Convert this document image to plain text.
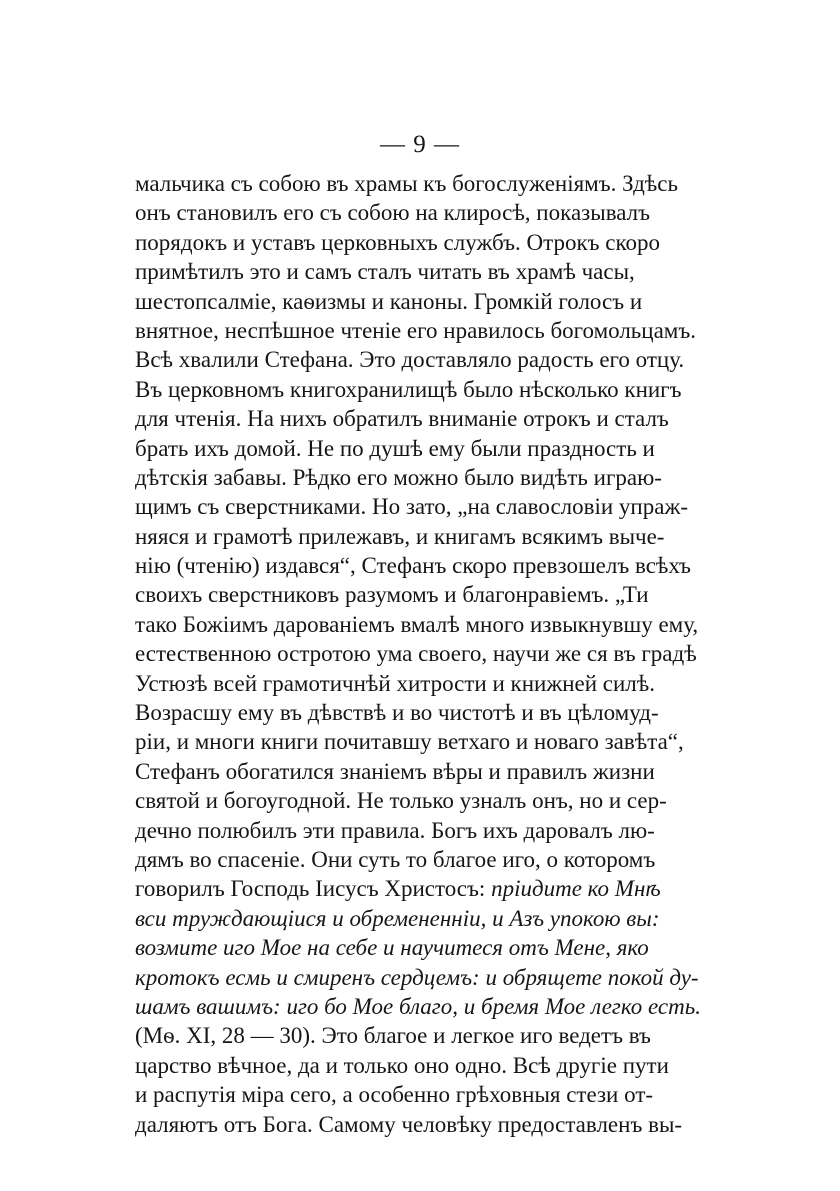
— 9 —
мальчика съ собою въ храмы къ богослуженiямъ. Здѣсь
онъ становилъ его съ собою на клиросѣ, показывалъ
порядокъ и уставъ церковныхъ службъ. Отрокъ скоро
примѣтилъ это и самъ сталъ читать въ храмѣ часы,
шестопсалмiе, каѳизмы и каноны. Громкiй голосъ и
внятное, неспѣшное чтенiе его нравилось богомольцамъ.
Всѣ хвалили Стефана. Это доставляло радость его отцу.
Въ церковномъ книгохранилищѣ было нѣсколько книгъ
для чтенiя. На нихъ обратилъ вниманiе отрокъ и сталъ
брать ихъ домой. Не по душѣ ему были праздность и
дѣтскiя забавы. Рѣдко его можно было видѣть играю-
щимъ съ сверстниками. Но зато, „на славословiи упраж-
няяся и грамотѣ прилежавъ, и книгамъ всякимъ выче-
нiю (чтенiю) издався“, Стефанъ скоро превзошелъ всѣхъ
своихъ сверстниковъ разумомъ и благонравiемъ. „Ти
тако Божiимъ дарованiемъ вмалѣ много извыкнувшу ему,
естественною остротою ума своего, научи же ся въ градѣ
Устюзѣ всей грамотичнѣй хитрости и книжней силѣ.
Возрасшу ему въ дѣвствѣ и во чистотѣ и въ цѣломуд-
рiи, и многи книги почитавшу ветхаго и новаго завѣта“,
Стефанъ обогатился знанiемъ вѣры и правилъ жизни
святой и богоугодной. Не только узналъ онъ, но и сер-
дечно полюбилъ эти правила. Богъ ихъ даровалъ лю-
дямъ во спасенiе. Они суть то благое иго, о которомъ
говорилъ Господь Iисусъ Христосъ: прiидите ко Мнѣ
вси труждающiися и обремененнiи, и Азъ упокою вы:
возмите иго Мое на себе и научитеся отъ Мене, яко
кротокъ есмь и смиренъ сердцемъ: и обрящете покой ду-
шамъ вашимъ: иго бо Мое благо, и бремя Мое легко есть.
(Мѳ. XI, 28 — 30). Это благое и легкое иго ведетъ въ
царство вѣчное, да и только оно одно. Всѣ другiе пути
и распутiя мiра сего, а особенно грѣховныя стези от-
даляютъ отъ Бога. Самому человѣку предоставленъ вы-
